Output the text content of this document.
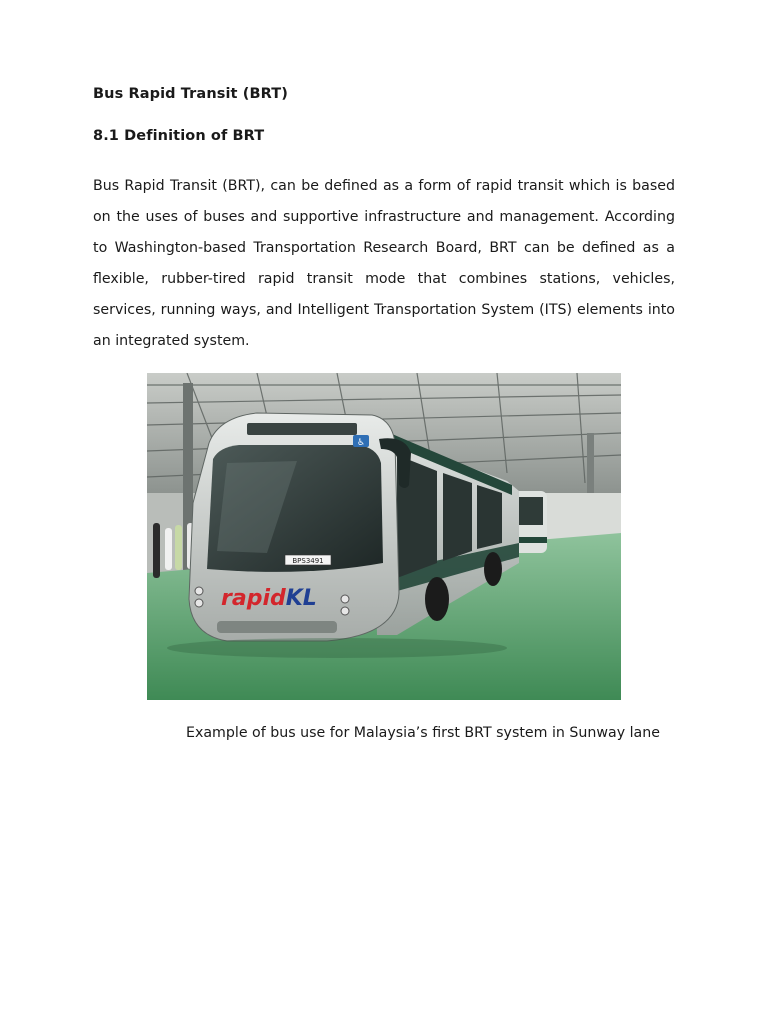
Bus Rapid Transit (BRT)
8.1 Definition of BRT

Bus Rapid Transit (BRT), can be defined as a form of rapid transit which is based on the uses of buses and supportive infrastructure and management. According to Washington-based Transportation Research Board, BRT can be defined as a flexible, rubber-tired rapid transit mode that combines stations, vehicles, services, running ways, and Intelligent Transportation System (ITS) elements into an integrated system.

♿
BPS3491
rapidKL
Example of bus use for Malaysia’s first BRT system in Sunway lane
